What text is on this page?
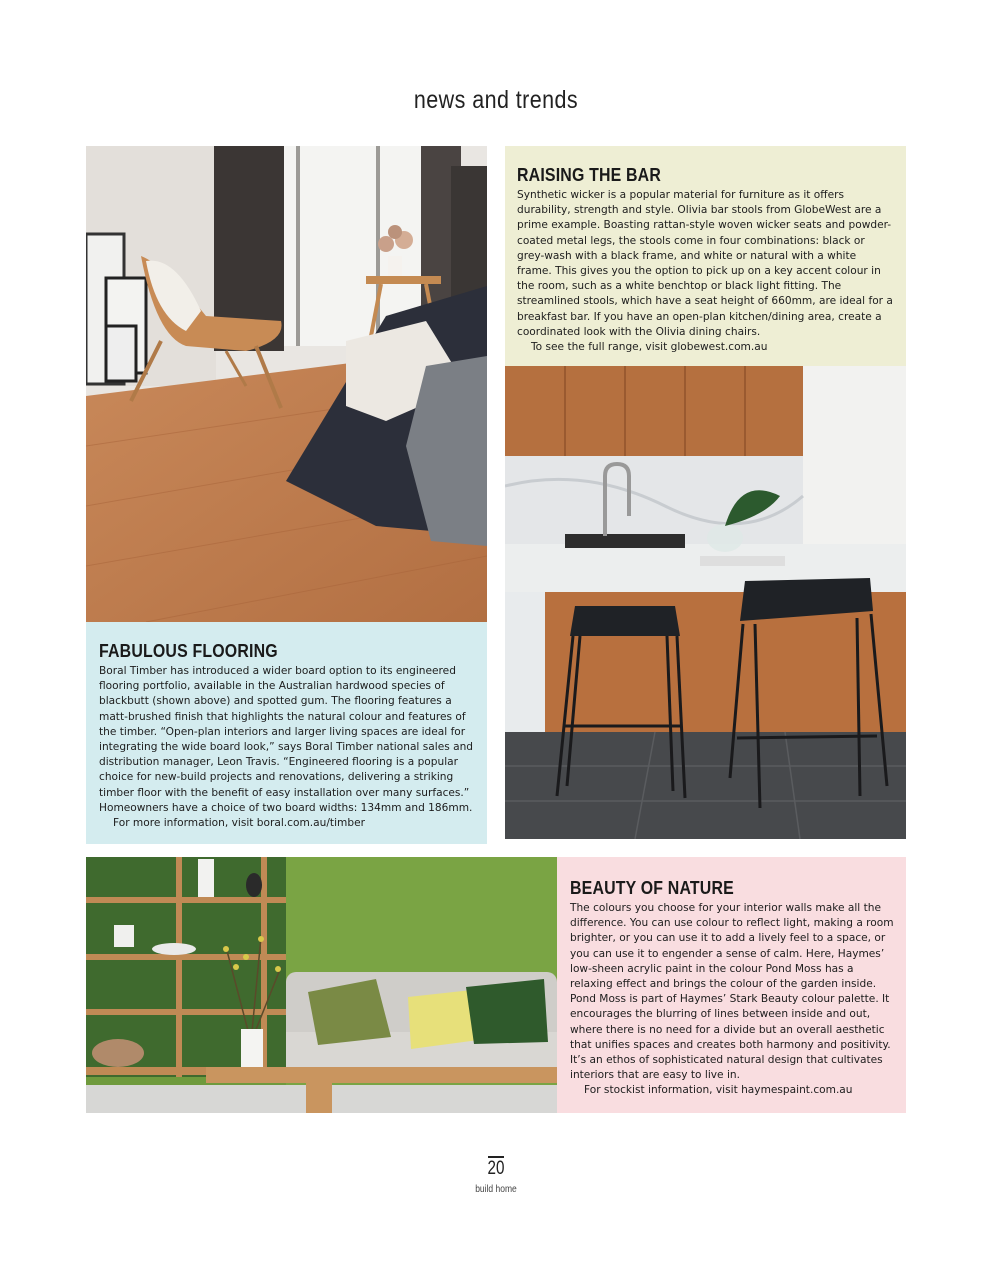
news and trends
RAISING THE BAR

Synthetic wicker is a popular material for furniture as it offers durability, strength and style. Olivia bar stools from GlobeWest are a prime example. Boasting rattan-style woven wicker seats and powder-coated metal legs, the stools come in four combinations: black or grey-wash with a black frame, and white or natural with a white frame. This gives you the option to pick up on a key accent colour in the room, such as a white benchtop or black light fitting. The streamlined stools, which have a seat height of 660mm, are ideal for a breakfast bar. If you have an open-plan kitchen/dining area, create a coordinated look with the Olivia dining chairs.

To see the full range, visit globewest.com.au

FABULOUS FLOORING

Boral Timber has introduced a wider board option to its engineered flooring portfolio, available in the Australian hardwood species of blackbutt (shown above) and spotted gum. The flooring features a matt-brushed finish that highlights the natural colour and features of the timber. “Open-plan interiors and larger living spaces are ideal for integrating the wide board look,” says Boral Timber national sales and distribution manager, Leon Travis. “Engineered flooring is a popular choice for new-build projects and renovations, delivering a striking timber floor with the benefit of easy installation over many surfaces.” Homeowners have a choice of two board widths: 134mm and 186mm.

For more information, visit boral.com.au/timber

BEAUTY OF NATURE

The colours you choose for your interior walls make all the difference. You can use colour to reflect light, making a room brighter, or you can use it to add a lively feel to a space, or you can use it to engender a sense of calm. Here, Haymes’ low-sheen acrylic paint in the colour Pond Moss has a relaxing effect and brings the colour of the garden inside. Pond Moss is part of Haymes’ Stark Beauty colour palette. It encourages the blurring of lines between inside and out, where there is no need for a divide but an overall aesthetic that unifies spaces and creates both harmony and positivity. It’s an ethos of sophisticated natural design that cultivates interiors that are easy to live in.

For stockist information, visit haymespaint.com.au

20
build home
